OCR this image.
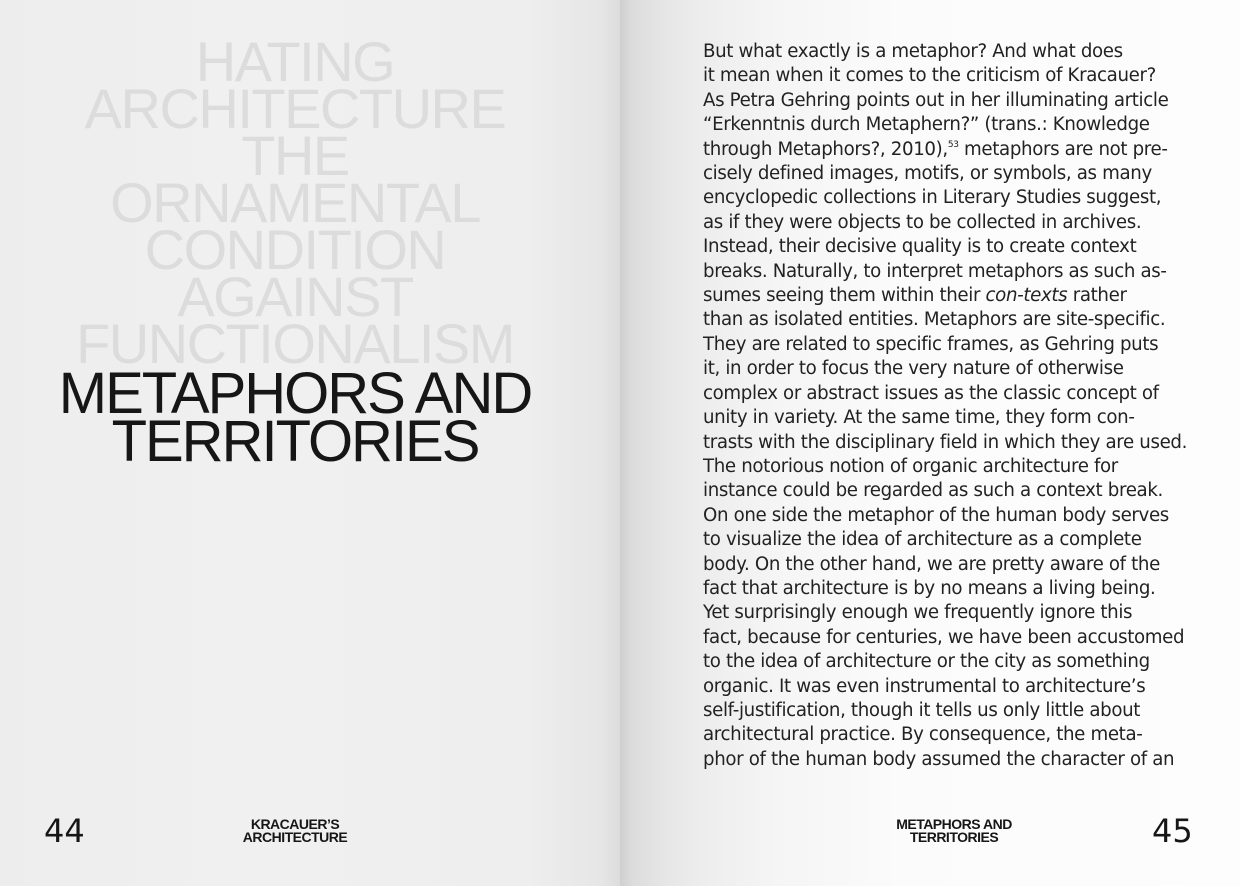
HATING
ARCHITECTURE
THE
ORNAMENTAL
CONDITION
AGAINST
FUNCTIONALISM
METAPHORS AND
TERRITORIES
44	KRACAUER’S
ARCHITECTURE
But what exactly is a metaphor? And what does
it mean when it comes to the criticism of Kracauer?
As Petra Gehring points out in her illuminating article
“Erkenntnis durch Metaphern?” (trans.: Knowledge
through Metaphors?, 2010),$^{53}$ metaphors are not pre-
cisely defined images, motifs, or symbols, as many
encyclopedic collections in Literary Studies suggest,
as if they were objects to be collected in archives.
Instead, their decisive quality is to create context
breaks. Naturally, to interpret metaphors as such as-
sumes seeing them within their con-texts rather
than as isolated entities. Metaphors are site-specific.
They are related to specific frames, as Gehring puts
it, in order to focus the very nature of otherwise
complex or abstract issues as the classic concept of
unity in variety. At the same time, they form con-
trasts with the disciplinary field in which they are used.
The notorious notion of organic architecture for
instance could be regarded as such a context break.
On one side the metaphor of the human body serves
to visualize the idea of architecture as a complete
body. On the other hand, we are pretty aware of the
fact that architecture is by no means a living being.
Yet surprisingly enough we frequently ignore this
fact, because for centuries, we have been accustomed
to the idea of architecture or the city as something
organic. It was even instrumental to architecture’s
self-justification, though it tells us only little about
architectural practice. By consequence, the meta-
phor of the human body assumed the character of an
METAPHORS AND
TERRITORIES	45
